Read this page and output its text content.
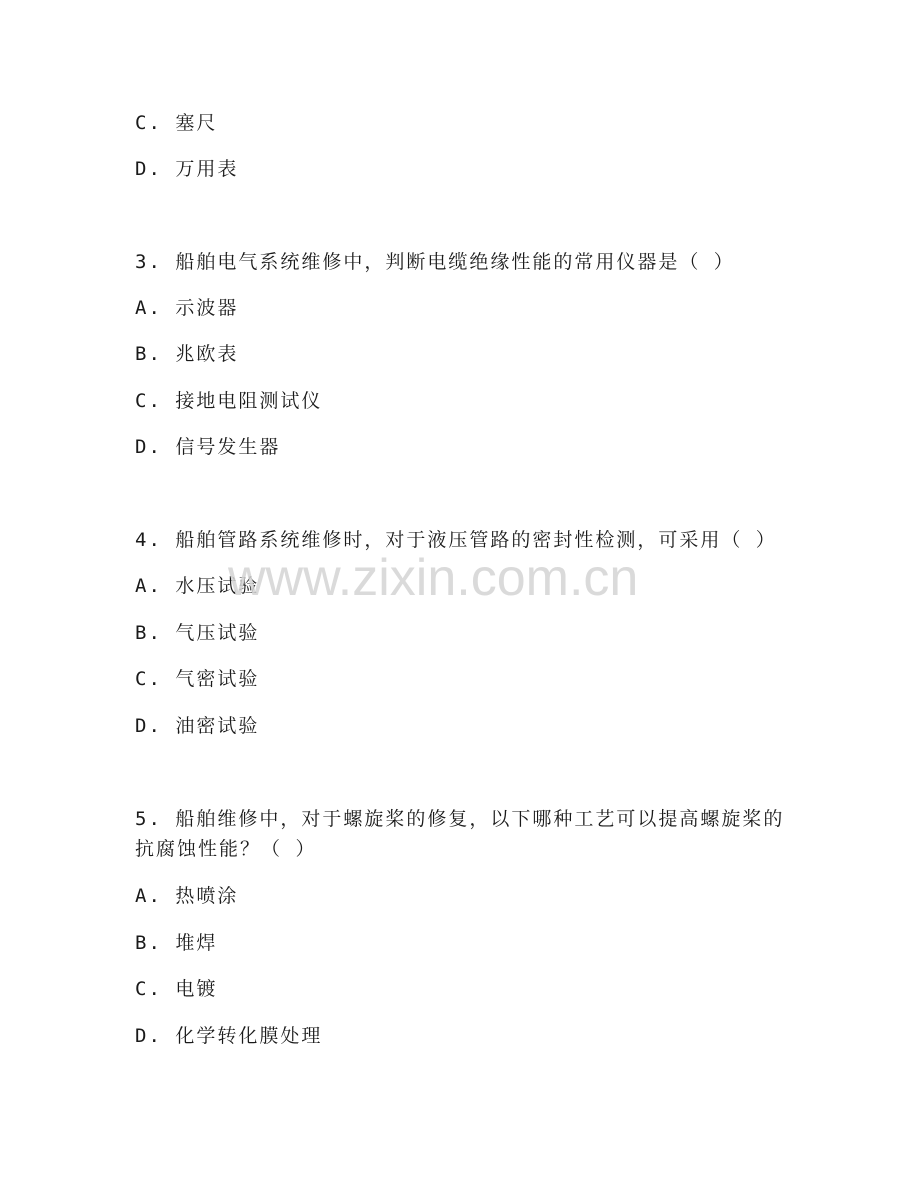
C. 塞尺
D. 万用表
3. 船舶电气系统维修中，判断电缆绝缘性能的常用仪器是（ ）
A. 示波器
B. 兆欧表
C. 接地电阻测试仪
D. 信号发生器
4. 船舶管路系统维修时，对于液压管路的密封性检测，可采用（ ）
A. 水压试验
B. 气压试验
C. 气密试验
D. 油密试验
5. 船舶维修中，对于螺旋桨的修复，以下哪种工艺可以提高螺旋桨的
抗腐蚀性能？（ ）
A. 热喷涂
B. 堆焊
C. 电镀
D. 化学转化膜处理
www.zixin.com.cn
